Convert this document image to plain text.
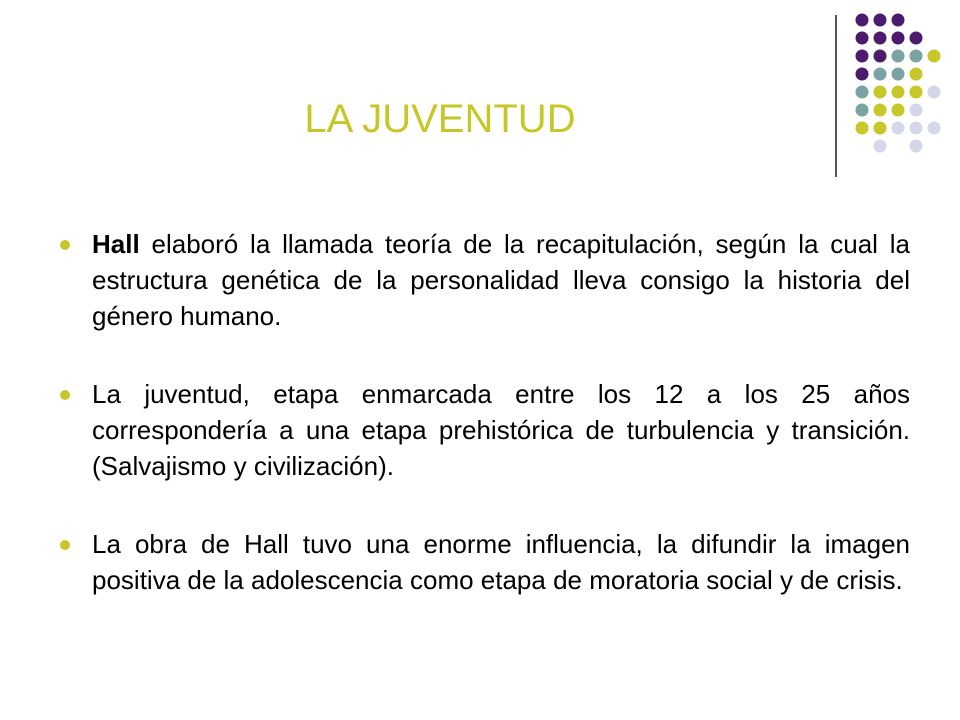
LA JUVENTUD
Hall elaboró la llamada teoría de la recapitulación, según la cual la estructura genética de la personalidad lleva consigo la historia del género humano.
La juventud, etapa enmarcada entre los 12 a los 25 años correspondería a una etapa prehistórica de turbulencia y transición. (Salvajismo y civilización).
La obra de Hall tuvo una enorme influencia, la difundir la imagen positiva de la adolescencia como etapa de moratoria social y de crisis.
